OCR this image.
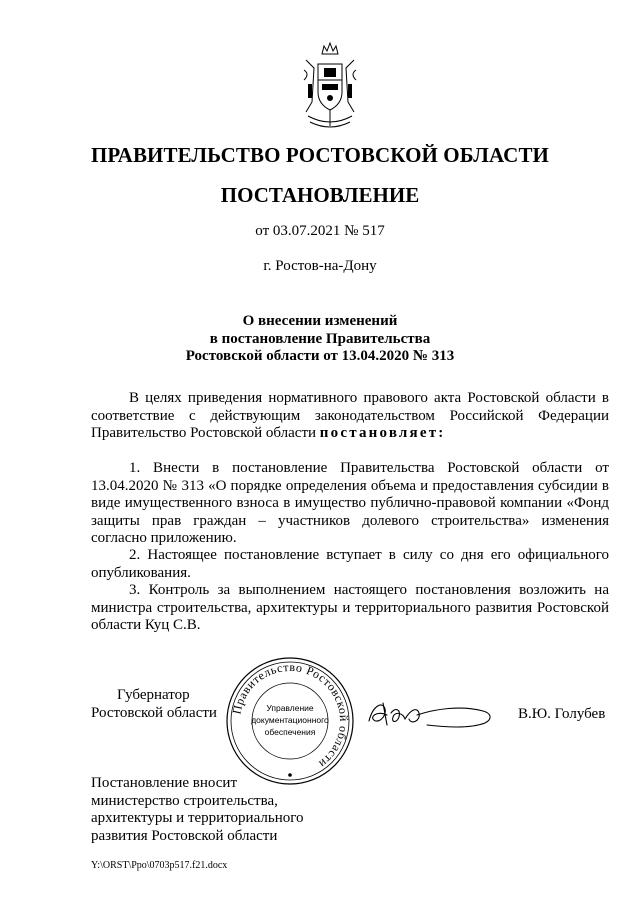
ПРАВИТЕЛЬСТВО РОСТОВСКОЙ ОБЛАСТИ
ПОСТАНОВЛЕНИЕ
от 03.07.2021 № 517
г. Ростов-на-Дону
О внесении изменений
в постановление Правительства
Ростовской области от 13.04.2020 № 313

В целях приведения нормативного правового акта Ростовской области в соответствие с действующим законодательством Российской Федерации Правительство Ростовской области постановляет:

1. Внести в постановление Правительства Ростовской области от 13.04.2020 № 313 «О порядке определения объема и предоставления субсидии в виде имущественного взноса в имущество публично-правовой компании «Фонд защиты прав граждан – участников долевого строительства» изменения согласно приложению.

2. Настоящее постановление вступает в силу со дня его официального опубликования.

3. Контроль за выполнением настоящего постановления возложить на министра строительства, архитектуры и территориального развития Ростовской области Куц С.В.

Губернатор
Ростовской области	Правительство Ростовской области
Управление
документационного
обеспечения
В.Ю. Голубев
Постановление вносит
министерство строительства,
архитектуры и территориального
развития Ростовской области
Y:\ORST\Ppo\0703p517.f21.docx
